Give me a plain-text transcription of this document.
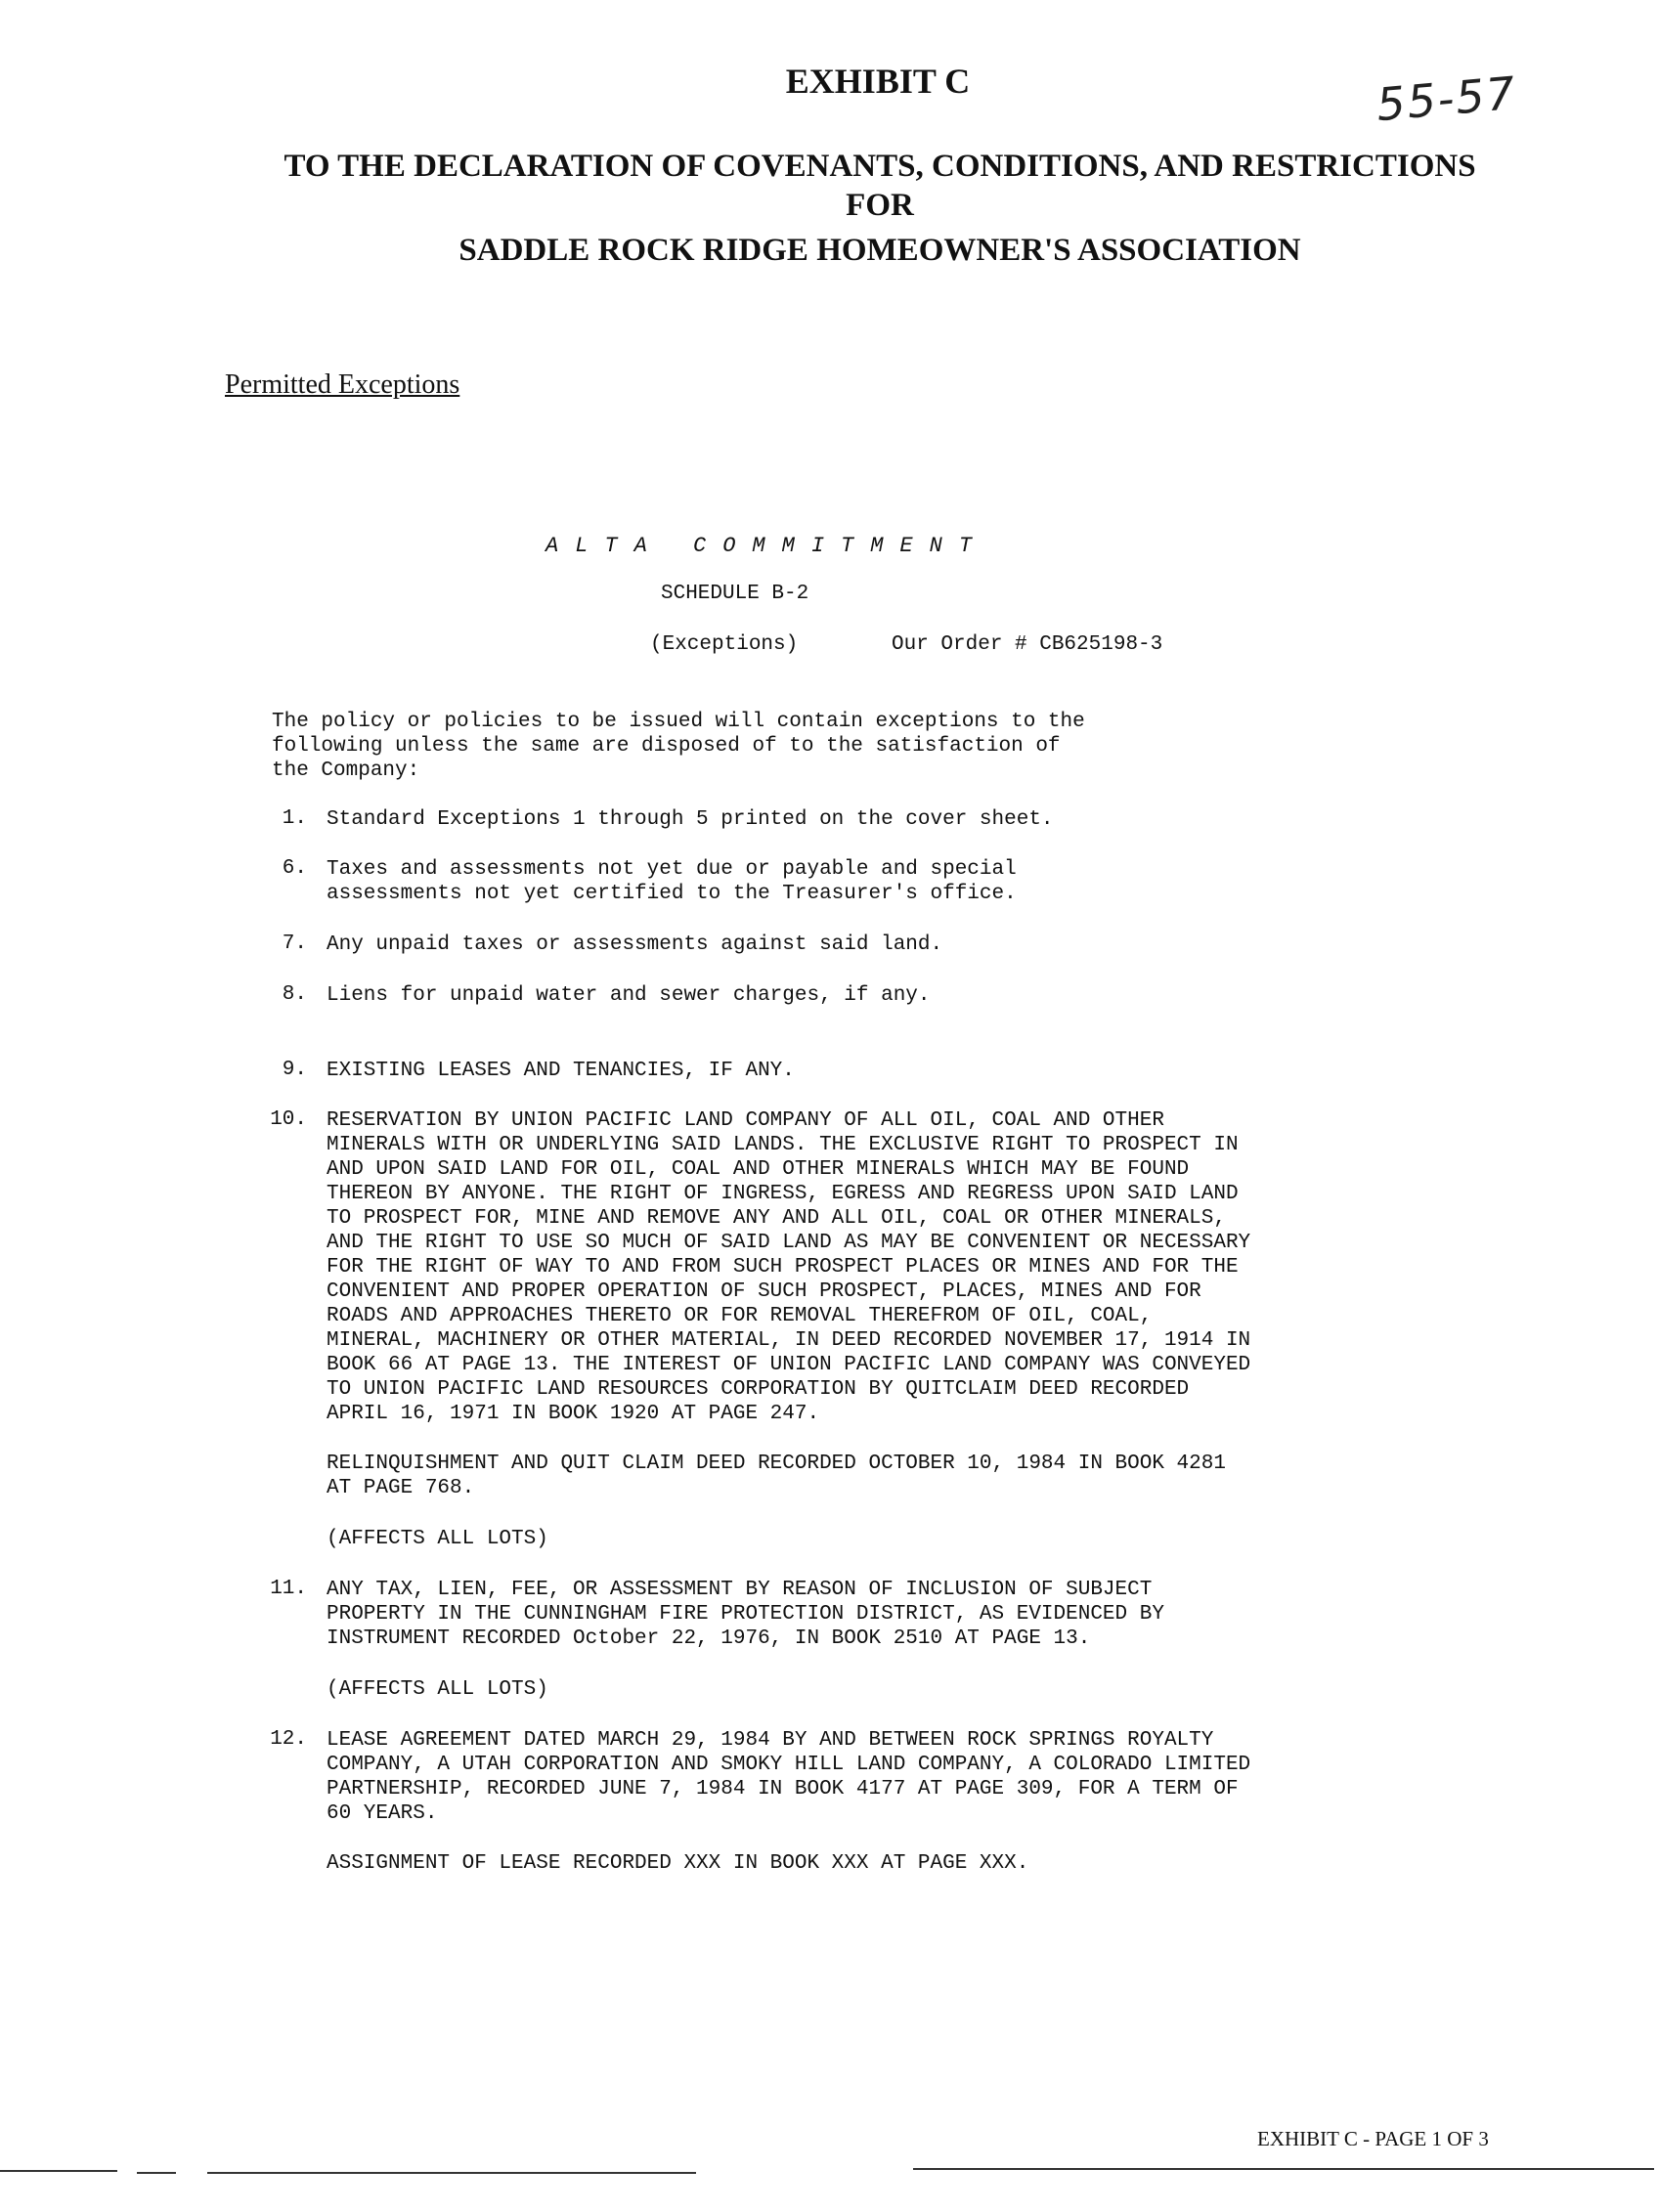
EXHIBIT C	55-57
TO THE DECLARATION OF COVENANTS, CONDITIONS, AND RESTRICTIONS
FOR
SADDLE ROCK RIDGE HOMEOWNER'S ASSOCIATION
Permitted Exceptions
ALTA COMMITMENT
SCHEDULE B-2
(Exceptions)	Our Order # CB625198-3
The policy or policies to be issued will contain exceptions to the
following unless the same are disposed of to the satisfaction of
the Company:
1. Standard Exceptions 1 through 5 printed on the cover sheet.
6. Taxes and assessments not yet due or payable and special
assessments not yet certified to the Treasurer's office.
7. Any unpaid taxes or assessments against said land.
8. Liens for unpaid water and sewer charges, if any.
9. EXISTING LEASES AND TENANCIES, IF ANY.
10. RESERVATION BY UNION PACIFIC LAND COMPANY OF ALL OIL, COAL AND OTHER
MINERALS WITH OR UNDERLYING SAID LANDS. THE EXCLUSIVE RIGHT TO PROSPECT IN
AND UPON SAID LAND FOR OIL, COAL AND OTHER MINERALS WHICH MAY BE FOUND
THEREON BY ANYONE. THE RIGHT OF INGRESS, EGRESS AND REGRESS UPON SAID LAND
TO PROSPECT FOR, MINE AND REMOVE ANY AND ALL OIL, COAL OR OTHER MINERALS,
AND THE RIGHT TO USE SO MUCH OF SAID LAND AS MAY BE CONVENIENT OR NECESSARY
FOR THE RIGHT OF WAY TO AND FROM SUCH PROSPECT PLACES OR MINES AND FOR THE
CONVENIENT AND PROPER OPERATION OF SUCH PROSPECT, PLACES, MINES AND FOR
ROADS AND APPROACHES THERETO OR FOR REMOVAL THEREFROM OF OIL, COAL,
MINERAL, MACHINERY OR OTHER MATERIAL, IN DEED RECORDED NOVEMBER 17, 1914 IN
BOOK 66 AT PAGE 13. THE INTEREST OF UNION PACIFIC LAND COMPANY WAS CONVEYED
TO UNION PACIFIC LAND RESOURCES CORPORATION BY QUITCLAIM DEED RECORDED
APRIL 16, 1971 IN BOOK 1920 AT PAGE 247.
RELINQUISHMENT AND QUIT CLAIM DEED RECORDED OCTOBER 10, 1984 IN BOOK 4281
AT PAGE 768.
(AFFECTS ALL LOTS)
11. ANY TAX, LIEN, FEE, OR ASSESSMENT BY REASON OF INCLUSION OF SUBJECT
PROPERTY IN THE CUNNINGHAM FIRE PROTECTION DISTRICT, AS EVIDENCED BY
INSTRUMENT RECORDED October 22, 1976, IN BOOK 2510 AT PAGE 13.
(AFFECTS ALL LOTS)
12. LEASE AGREEMENT DATED MARCH 29, 1984 BY AND BETWEEN ROCK SPRINGS ROYALTY
COMPANY, A UTAH CORPORATION AND SMOKY HILL LAND COMPANY, A COLORADO LIMITED
PARTNERSHIP, RECORDED JUNE 7, 1984 IN BOOK 4177 AT PAGE 309, FOR A TERM OF
60 YEARS.
ASSIGNMENT OF LEASE RECORDED XXX IN BOOK XXX AT PAGE XXX.
EXHIBIT C - PAGE 1 OF 3
